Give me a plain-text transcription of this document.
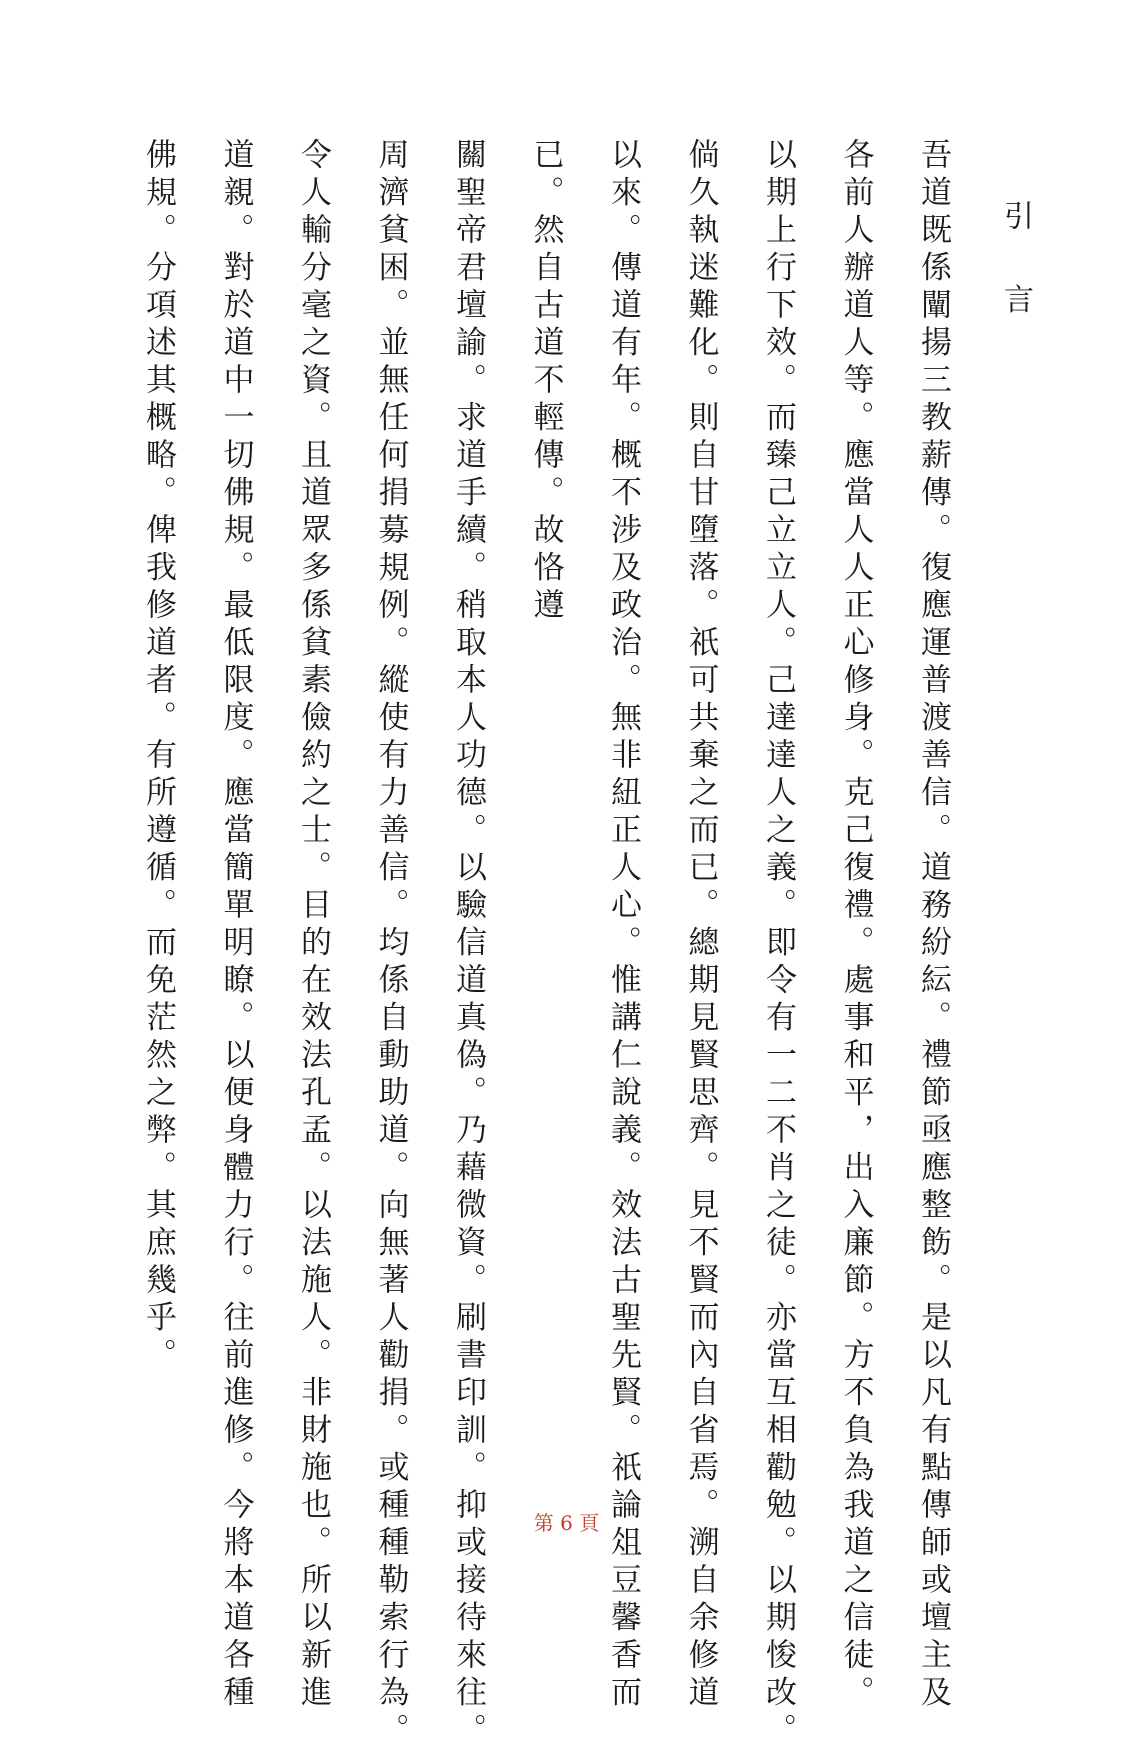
引 言
吾道既係闡揚三教薪傳。復應運普渡善信。道務紛紜。禮節亟應整飭。是以凡有點傳師或壇主及
各前人辦道人等。應當人人正心修身。克己復禮。處事和平，出入廉節。方不負為我道之信徒。
以期上行下效。而臻己立立人。己達達人之義。即令有一二不肖之徒。亦當互相勸勉。以期悛改。
倘久執迷難化。則自甘墮落。祇可共棄之而已。總期見賢思齊。見不賢而內自省焉。溯自余修道
以來。傳道有年。概不涉及政治。無非紐正人心。惟講仁說義。效法古聖先賢。祇論俎豆馨香而
已。然自古道不輕傳。故恪遵
關聖帝君壇諭。求道手續。稍取本人功德。以驗信道真偽。乃藉微資。刷書印訓。抑或接待來往。
周濟貧困。並無任何捐募規例。縱使有力善信。均係自動助道。向無著人勸捐。或種種勒索行為。
令人輸分毫之資。且道眾多係貧素儉約之士。目的在效法孔孟。以法施人。非財施也。所以新進
道親。對於道中一切佛規。最低限度。應當簡單明瞭。以便身體力行。往前進修。今將本道各種
佛規。分項述其概略。俾我修道者。有所遵循。而免茫然之弊。其庶幾乎。
第 6 頁
